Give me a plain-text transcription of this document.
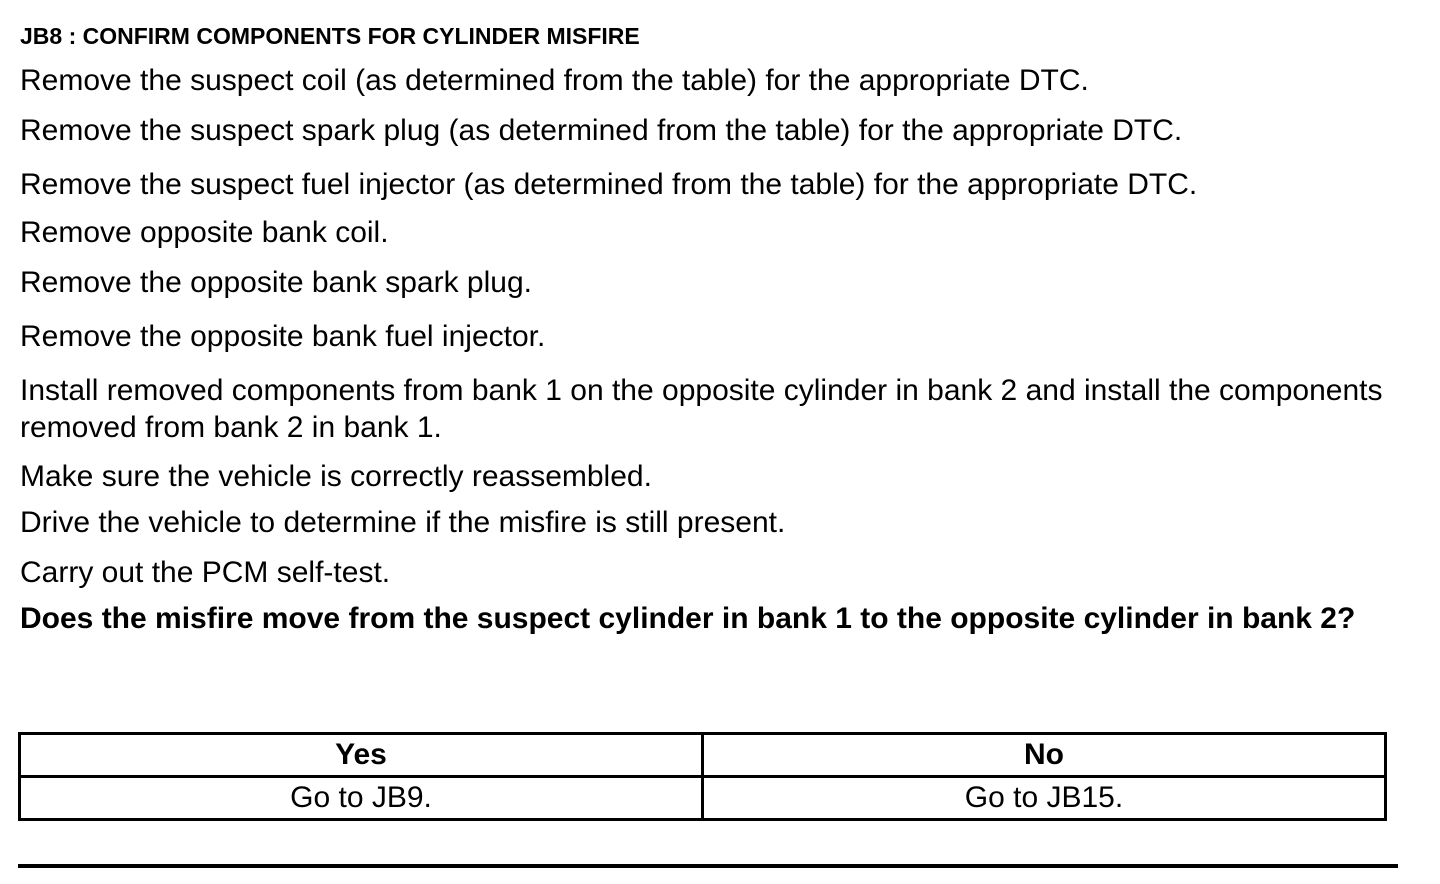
JB8 : CONFIRM COMPONENTS FOR CYLINDER MISFIRE
Remove the suspect coil (as determined from the table) for the appropriate DTC.
Remove the suspect spark plug (as determined from the table) for the appropriate DTC.
Remove the suspect fuel injector (as determined from the table) for the appropriate DTC.
Remove opposite bank coil.
Remove the opposite bank spark plug.
Remove the opposite bank fuel injector.
Install removed components from bank 1 on the opposite cylinder in bank 2 and install the components removed from bank 2 in bank 1.
Make sure the vehicle is correctly reassembled.
Drive the vehicle to determine if the misfire is still present.
Carry out the PCM self-test.
Does the misfire move from the suspect cylinder in bank 1 to the opposite cylinder in bank 2?
Yes	No
Go to JB9.	Go to JB15.
